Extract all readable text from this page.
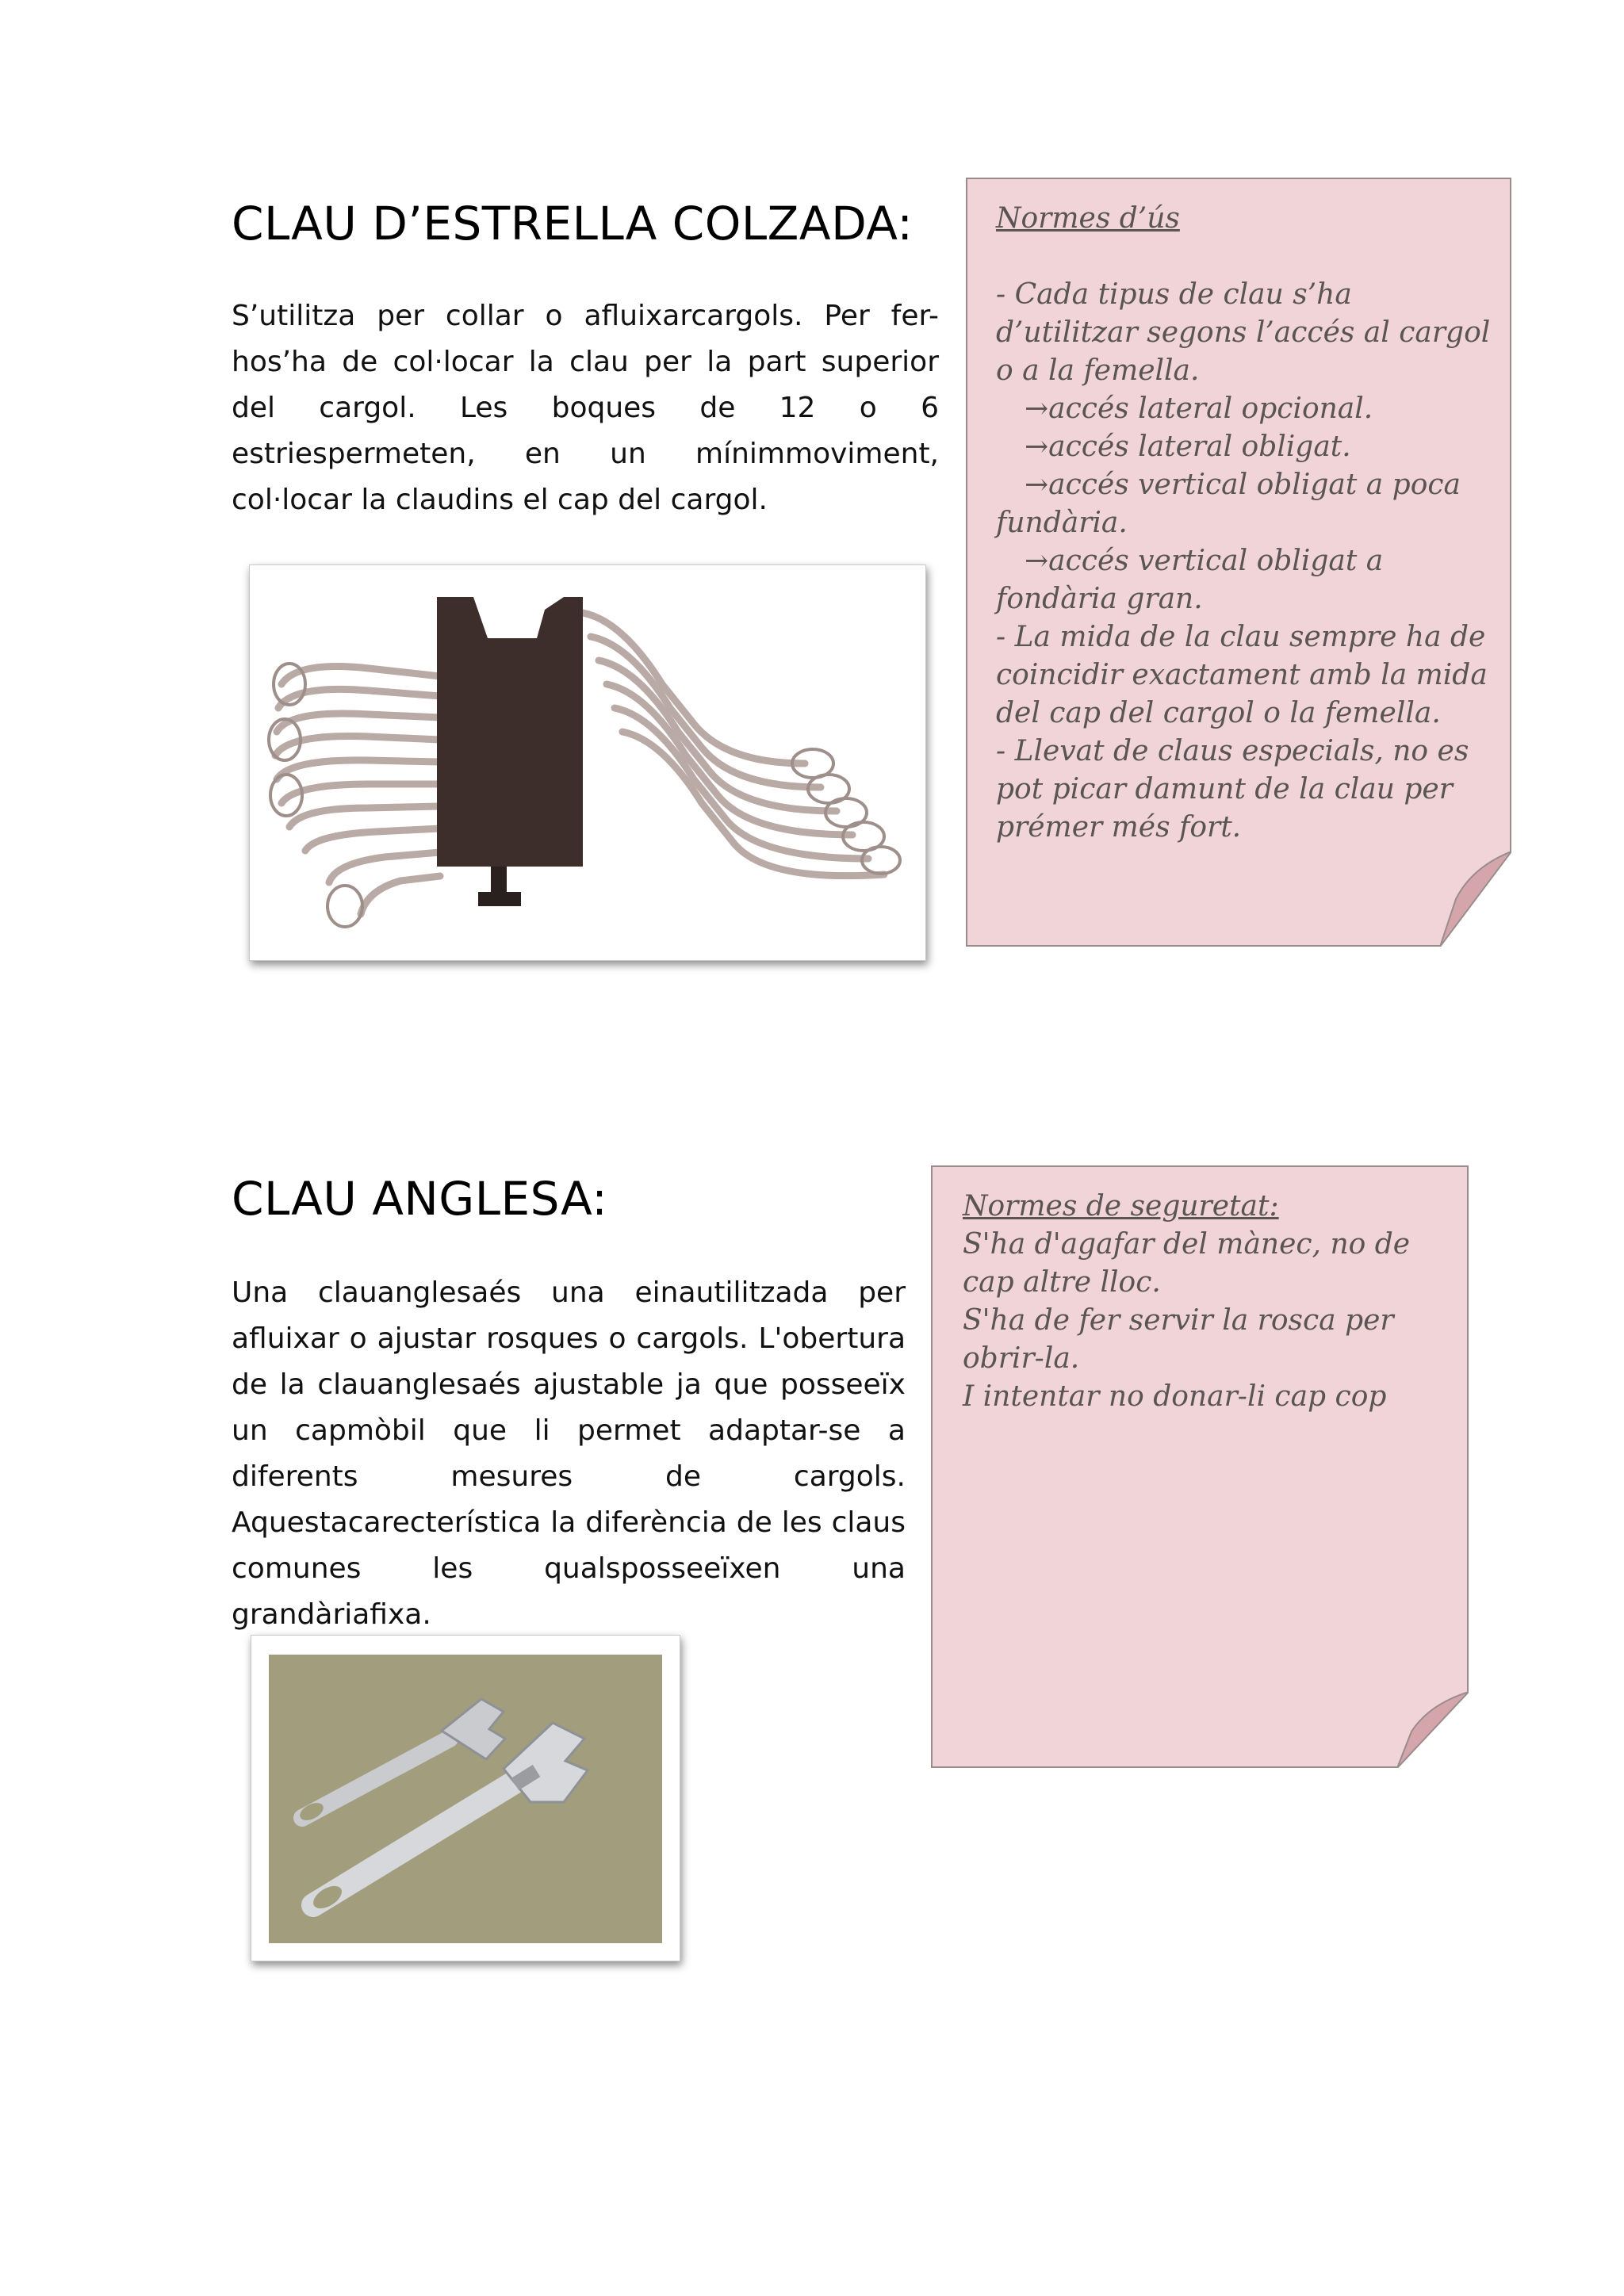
CLAU D’ESTRELLA COLZADA:

S’utilitza per collar o afluixarcargols. Per fer-hos’ha de col·locar la clau per la part superior del cargol. Les boques de 12 o 6 estriespermeten, en un mínimmoviment, col·locar la claudins el cap del cargol.

Normes d’ús
- Cada tipus de clau s’ha d’utilitzar segons l’accés al cargol o a la femella.
→accés lateral opcional.
→accés lateral obligat.
→accés vertical obligat a poca fundària.
→accés vertical obligat a fondària gran.
- La mida de la clau sempre ha de coincidir exactament amb la mida del cap del cargol o la femella.
- Llevat de claus especials, no es pot picar damunt de la clau per prémer més fort.
CLAU ANGLESA:

Una clauanglesaés una einautilitzada per afluixar o ajustar rosques o cargols. L'obertura de la clauanglesaés ajustable ja que posseeïx un capmòbil que li permet adaptar-se a diferents mesures de cargols. Aquestacarecterística la diferència de les claus comunes les qualsposseeïxen una grandàriafixa.

Normes de seguretat:
S'ha d'agafar del mànec, no de cap altre lloc.
S'ha de fer servir la rosca per obrir-la.
I intentar no donar-li cap cop
